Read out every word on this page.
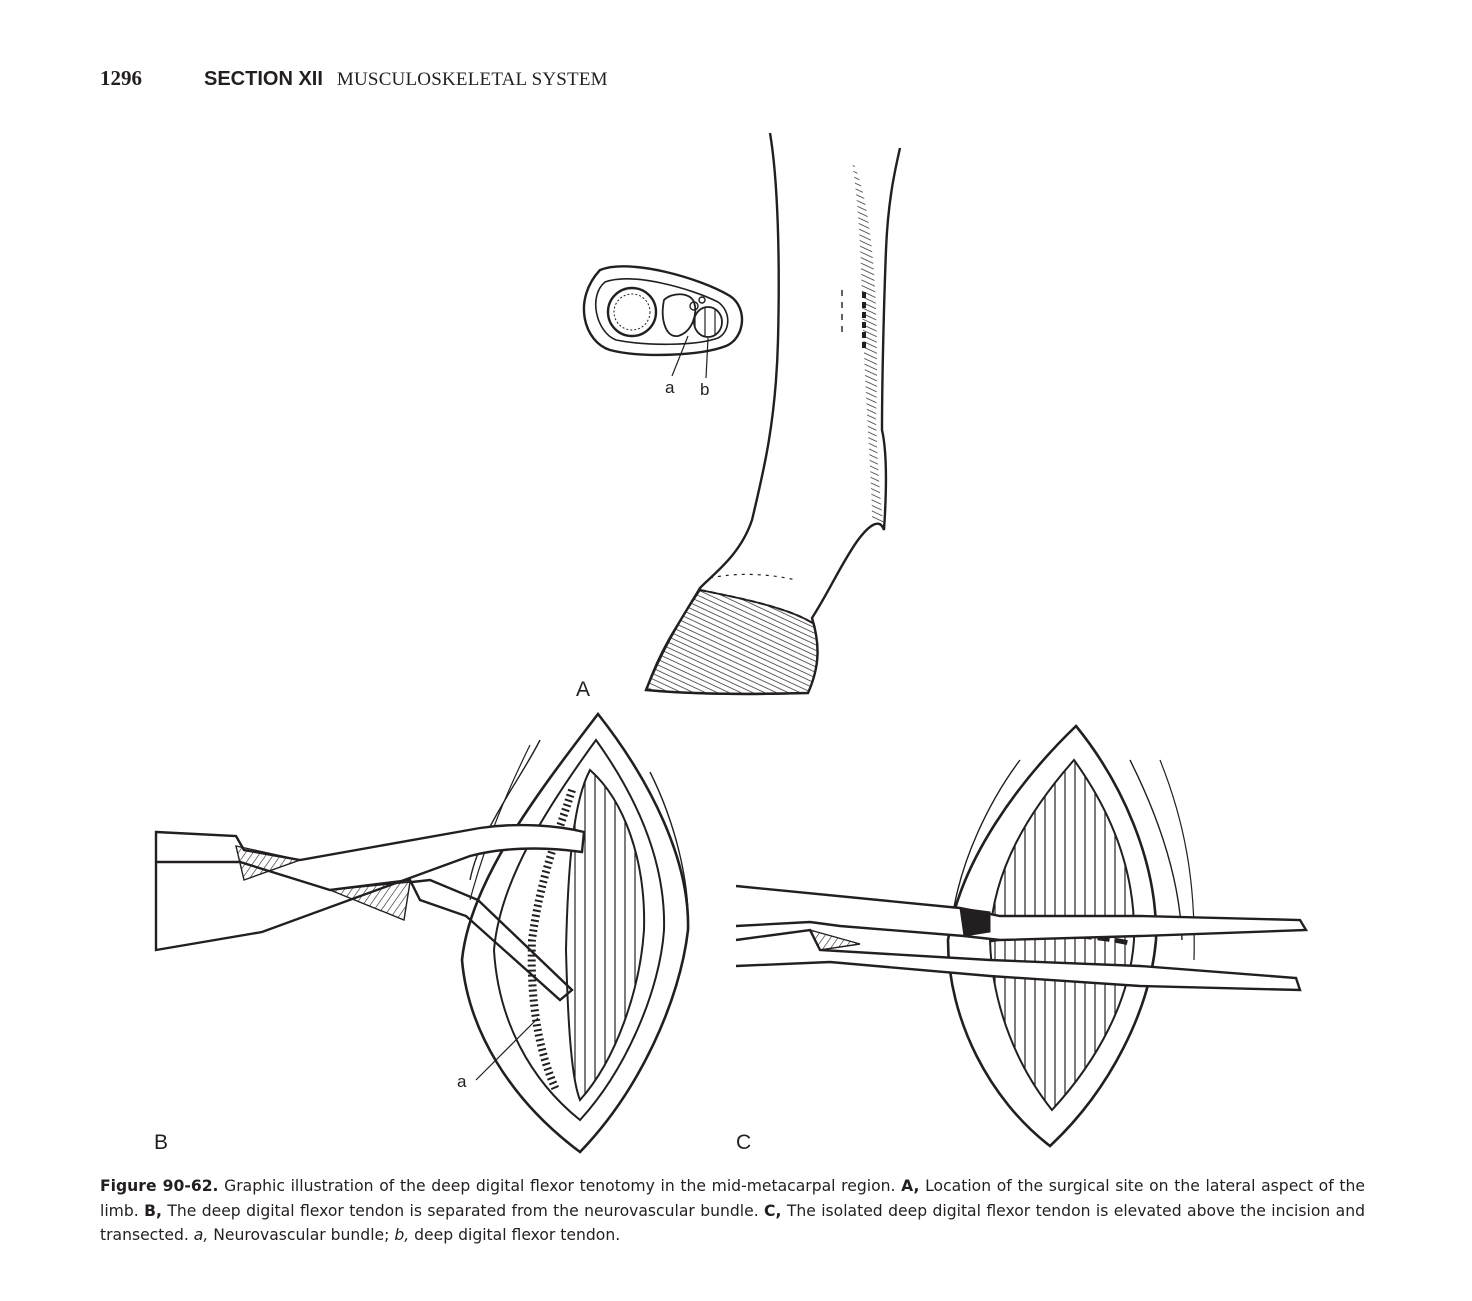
1296	SECTION XII MUSCULOSKELETAL SYSTEM
A
B	C
a b
a
Figure 90-62. Graphic illustration of the deep digital flexor tenotomy in the mid-metacarpal region. A, Location of the surgical site on the lateral aspect of the limb. B, The deep digital flexor tendon is separated from the neurovascular bundle. C, The isolated deep digital flexor tendon is elevated above the incision and transected. a, Neurovascular bundle; b, deep digital flexor tendon.
